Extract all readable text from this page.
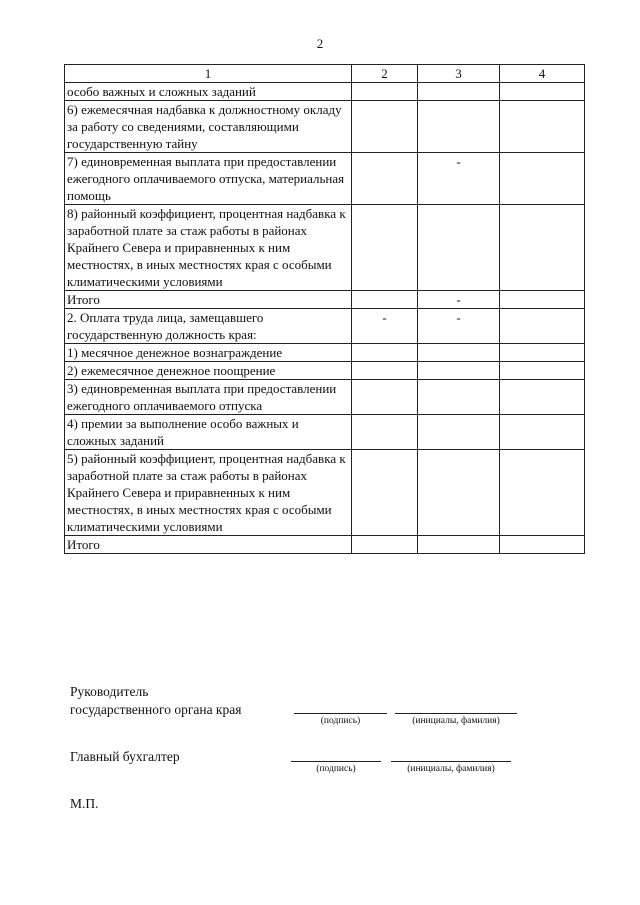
2
1	2	3	4
особо важных и сложных заданий			
6) ежемесячная надбавка к должностному окладу за работу со сведениями, составляющими государственную тайну			
7) единовременная выплата при предоставлении ежегодного оплачиваемого отпуска, материальная помощь		-	
8) районный коэффициент, процентная надбавка к заработной плате за стаж работы в районах Крайнего Севера и приравненных к ним местностях, в иных местностях края с особыми климатическими условиями			
Итого		-	
2. Оплата труда лица, замещавшего государственную должность края:	-	-	
1) месячное денежное вознаграждение			
2) ежемесячное денежное поощрение			
3) единовременная выплата при предоставлении ежегодного оплачиваемого отпуска			
4) премии за выполнение особо важных и сложных заданий			
5) районный коэффициент, процентная надбавка к заработной плате за стаж работы в районах Крайнего Севера и приравненных к ним местностях, в иных местностях края с особыми климатическими условиями			
Итого			
Руководитель
государственного органа края
(подпись)	(инициалы, фамилия)
Главный бухгалтер
(подпись)	(инициалы, фамилия)
М.П.
